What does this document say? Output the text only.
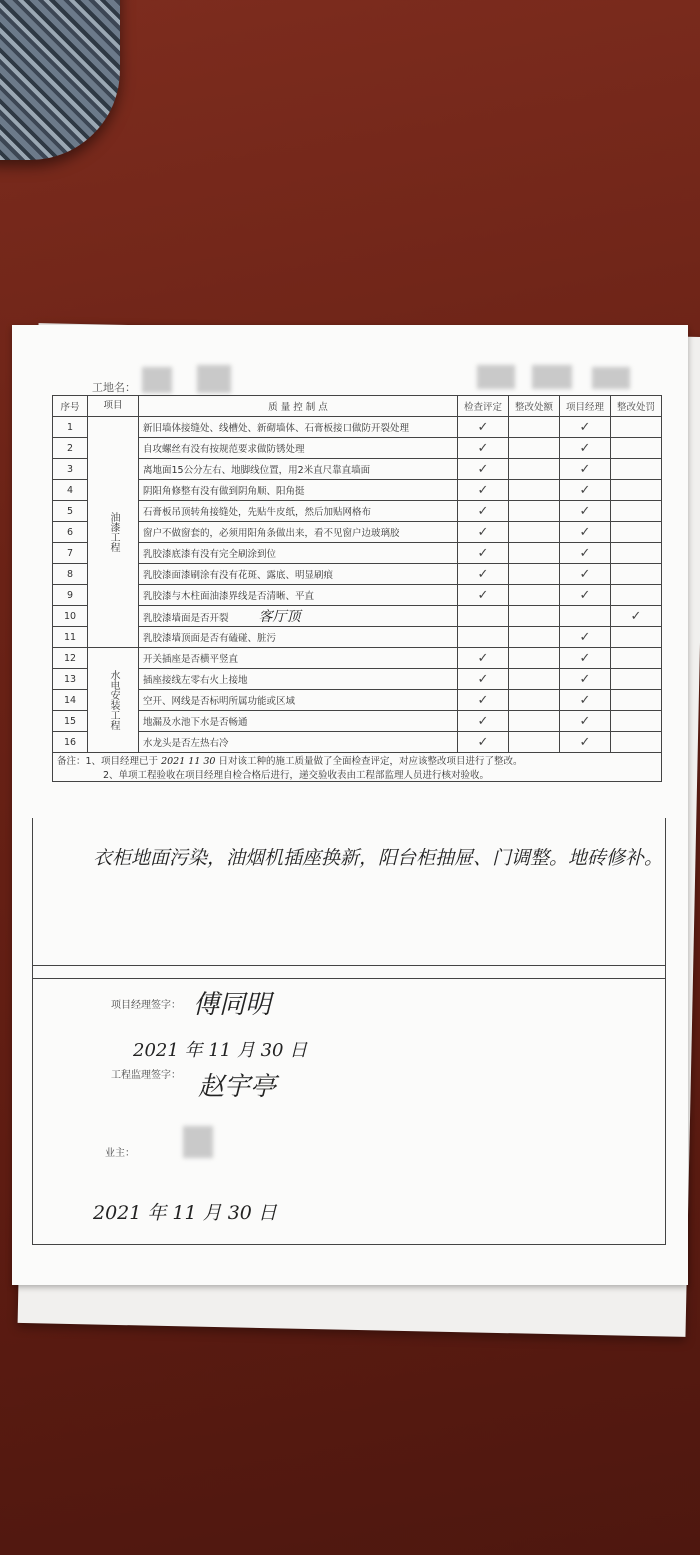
工地名：
序号	项目	质 量 控 制 点	检查评定	整改处额	项目经理	整改处罚
1	油漆工程	新旧墙体接缝处、线槽处、新砌墙体、石膏板接口做防开裂处理	✓		✓	
2		自攻螺丝有没有按规范要求做防锈处理	✓		✓	
3		离地面15公分左右、地脚线位置，用2米直尺靠直墙面	✓		✓	
4		阴阳角修整有没有做到阴角顺、阳角挺	✓		✓	
5		石膏板吊顶转角接缝处，先贴牛皮纸，然后加贴网格布	✓		✓	
6		窗户不做窗套的，必须用阳角条做出来，看不见窗户边玻璃胶	✓		✓	
7		乳胶漆底漆有没有完全刷涂到位	✓		✓	
8		乳胶漆面漆刷涂有没有花斑、露底、明显刷痕	✓		✓	
9		乳胶漆与木柱面油漆界线是否清晰、平直	✓		✓	
10		乳胶漆墙面是否开裂 客厅顶				✓
11		乳胶漆墙顶面是否有磕碰、脏污			✓	
12	水电安装工程	开关插座是否横平竖直	✓		✓	
13		插座接线左零右火上接地	✓		✓	
14		空开、网线是否标明所属功能或区域	✓		✓	
15		地漏及水池下水是否畅通	✓		✓	
16		水龙头是否左热右冷	✓		✓	
备注：1、项目经理已于 2021 11 30 日对该工种的施工质量做了全面检查评定，对应该整改项目进行了整改。
2、单项工程验收在项目经理自检合格后进行，递交验收表由工程部监理人员进行核对验收。						
衣柜地面污染，油烟机插座换新，阳台柜抽屉、门调整。地砖修补。
项目经理签字： 傅同明
2021 年 11 月 30 日
工程监理签字： 赵宇亭
业主：
2021 年 11 月 30 日
